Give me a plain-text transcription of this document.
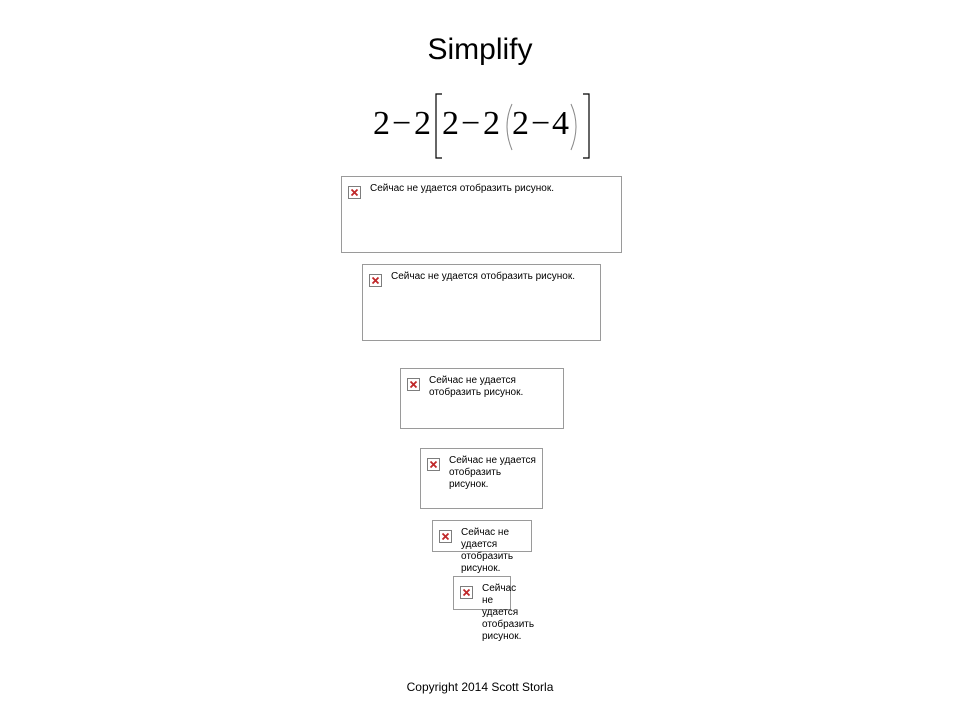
Simplify
2 − 2 2 − 2 2 − 4
Сейчас не удается отобразить рисунок.
Сейчас не удается отобразить рисунок.
Сейчас не удается отобразить рисунок.
Сейчас не удается отобразить рисунок.
Сейчас не удается отобразить рисунок.
Сейчас не удается отобразить рисунок.
Copyright 2014 Scott Storla
